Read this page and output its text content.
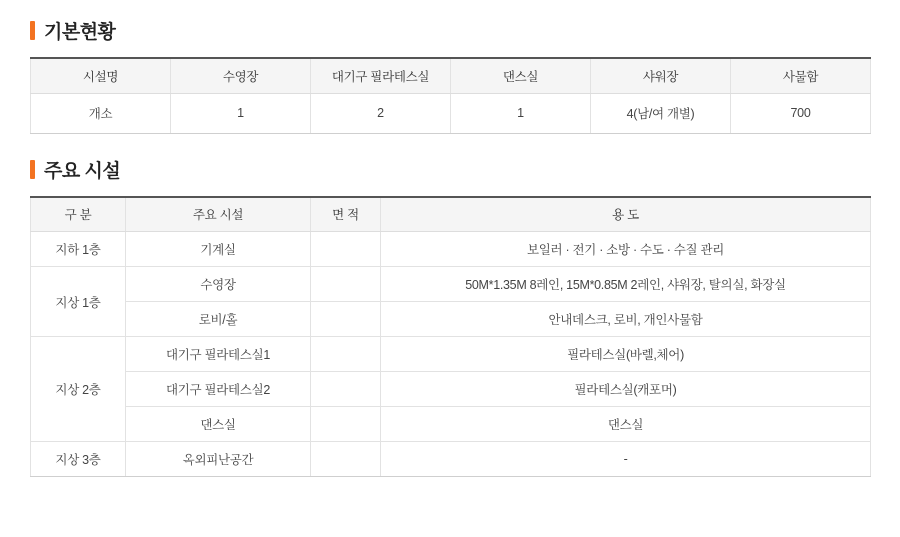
기본현황
시설명	수영장	대기구 필라테스실	댄스실	샤워장	사물함
개소	1	2	1	4(남/여 개별)	700
주요 시설
구 분	주요 시설	면 적	용 도
지하 1층	기계실		보일러 · 전기 · 소방 · 수도 · 수질 관리
지상 1층	수영장		50M*1.35M 8레인, 15M*0.85M 2레인, 샤워장, 탈의실, 화장실
	로비/홀		안내데스크, 로비, 개인사물함
지상 2층	대기구 필라테스실1		필라테스실(바렐,체어)
	대기구 필라테스실2		필라테스실(캐포머)
	댄스실		댄스실
지상 3층	옥외피난공간		-
